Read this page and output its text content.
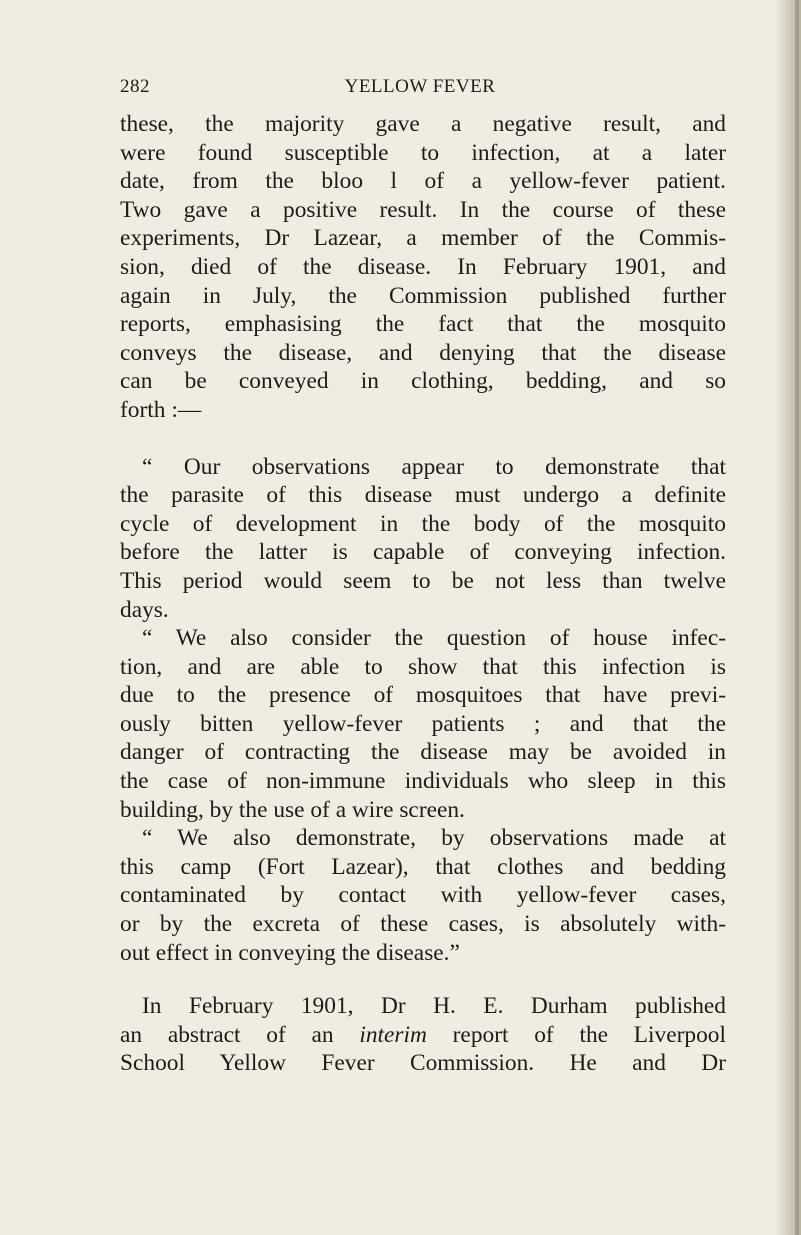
282	YELLOW FEVER
these, the majority gave a negative result, and
were found susceptible to infection, at a later
date, from the bloo l of a yellow-fever patient.
Two gave a positive result. In the course of these
experiments, Dr Lazear, a member of the Commis-
sion, died of the disease. In February 1901, and
again in July, the Commission published further
reports, emphasising the fact that the mosquito
conveys the disease, and denying that the disease
can be conveyed in clothing, bedding, and so
forth :—
“ Our observations appear to demonstrate that
the parasite of this disease must undergo a definite
cycle of development in the body of the mosquito
before the latter is capable of conveying infection.
This period would seem to be not less than twelve
days.
“ We also consider the question of house infec-
tion, and are able to show that this infection is
due to the presence of mosquitoes that have previ-
ously bitten yellow-fever patients ; and that the
danger of contracting the disease may be avoided in
the case of non-immune individuals who sleep in this
building, by the use of a wire screen.
“ We also demonstrate, by observations made at
this camp (Fort Lazear), that clothes and bedding
contaminated by contact with yellow-fever cases,
or by the excreta of these cases, is absolutely with-
out effect in conveying the disease.”
In February 1901, Dr H. E. Durham published
an abstract of an interim report of the Liverpool
School Yellow Fever Commission. He and Dr
